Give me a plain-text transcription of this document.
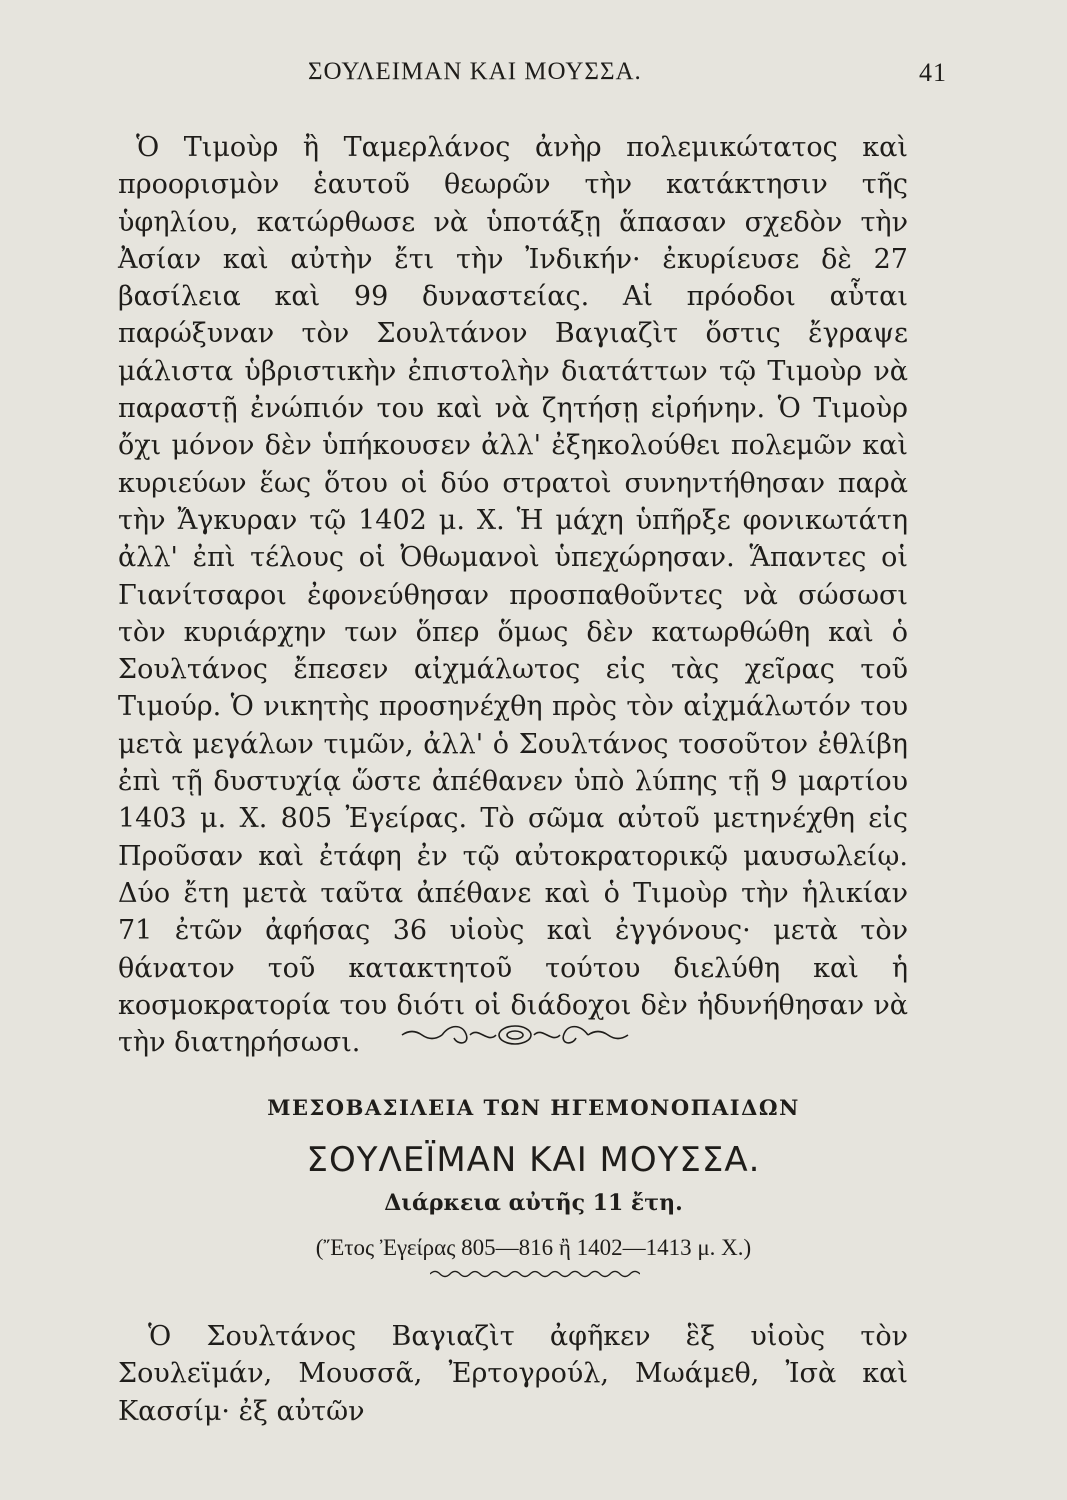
ΣΟΥΛΕΙΜΑΝ ΚΑΙ ΜΟΥΣΣΑ.	41

Ὁ Τιμοὺρ ἢ Ταμερλάνος ἀνὴρ πολεμικώτατος καὶ προορισμὸν ἑαυτοῦ θεωρῶν τὴν κατάκτησιν τῆς ὑφηλίου, κατώρθωσε νὰ ὑποτάξῃ ἅπασαν σχεδὸν τὴν Ἀσίαν καὶ αὐτὴν ἔτι τὴν Ἰνδικήν· ἐκυρίευσε δὲ 27 βασίλεια καὶ 99 δυναστείας. Αἱ πρόοδοι αὗται παρώξυναν τὸν Σουλτάνον Βαγιαζὶτ ὅστις ἔγραψε μάλιστα ὑβριστικὴν ἐπιστολὴν διατάττων τῷ Τιμοὺρ νὰ παραστῇ ἐνώπιόν του καὶ νὰ ζητήσῃ εἰρήνην. Ὁ Τιμοὺρ ὄχι μόνον δὲν ὑπήκουσεν ἀλλ' ἐξηκολούθει πολεμῶν καὶ κυριεύων ἕως ὅτου οἱ δύο στρατοὶ συνηντήθησαν παρὰ τὴν Ἄγκυραν τῷ 1402 μ. Χ. Ἡ μάχη ὑπῆρξε φονικωτάτη ἀλλ' ἐπὶ τέλους οἱ Ὀθωμανοὶ ὑπεχώρησαν. Ἅπαντες οἱ Γιανίτσαροι ἐφονεύθησαν προσπαθοῦντες νὰ σώσωσι τὸν κυριάρχην των ὅπερ ὅμως δὲν κατωρθώθη καὶ ὁ Σουλτάνος ἔπεσεν αἰχμάλωτος εἰς τὰς χεῖρας τοῦ Τιμούρ. Ὁ νικητὴς προσηνέχθη πρὸς τὸν αἰχμάλωτόν του μετὰ μεγάλων τιμῶν, ἀλλ' ὁ Σουλτάνος τοσοῦτον ἐθλίβη ἐπὶ τῇ δυστυχίᾳ ὥστε ἀπέθανεν ὑπὸ λύπης τῇ 9 μαρτίου 1403 μ. Χ. 805 Ἐγείρας. Τὸ σῶμα αὐτοῦ μετηνέχθη εἰς Προῦσαν καὶ ἐτάφη ἐν τῷ αὐτοκρατορικῷ μαυσωλείῳ. Δύο ἔτη μετὰ ταῦτα ἀπέθανε καὶ ὁ Τιμοὺρ τὴν ἡλικίαν 71 ἐτῶν ἀφήσας 36 υἱοὺς καὶ ἐγγόνους· μετὰ τὸν θάνατον τοῦ κατακτητοῦ τούτου διελύθη καὶ ἡ κοσμοκρατορία του διότι οἱ διάδοχοι δὲν ἠδυνήθησαν νὰ τὴν διατηρήσωσι.

ΜΕΣΟΒΑΣΙΛΕΙΑ ΤΩΝ ΗΓΕΜΟΝΟΠΑΙΔΩΝ
ΣΟΥΛΕΪΜΑΝ ΚΑΙ ΜΟΥΣΣΑ.
Διάρκεια αὐτῆς 11 ἔτη.
(Ἔτος Ἐγείρας 805—816 ἢ 1402—1413 μ. Χ.)

Ὁ Σουλτάνος Βαγιαζὶτ ἀφῆκεν ἓξ υἱοὺς τὸν Σουλεϊμάν, Μουσσᾶ, Ἐρτογρούλ, Μωάμεθ, Ἰσὰ καὶ Κασσίμ· ἐξ αὐτῶν
